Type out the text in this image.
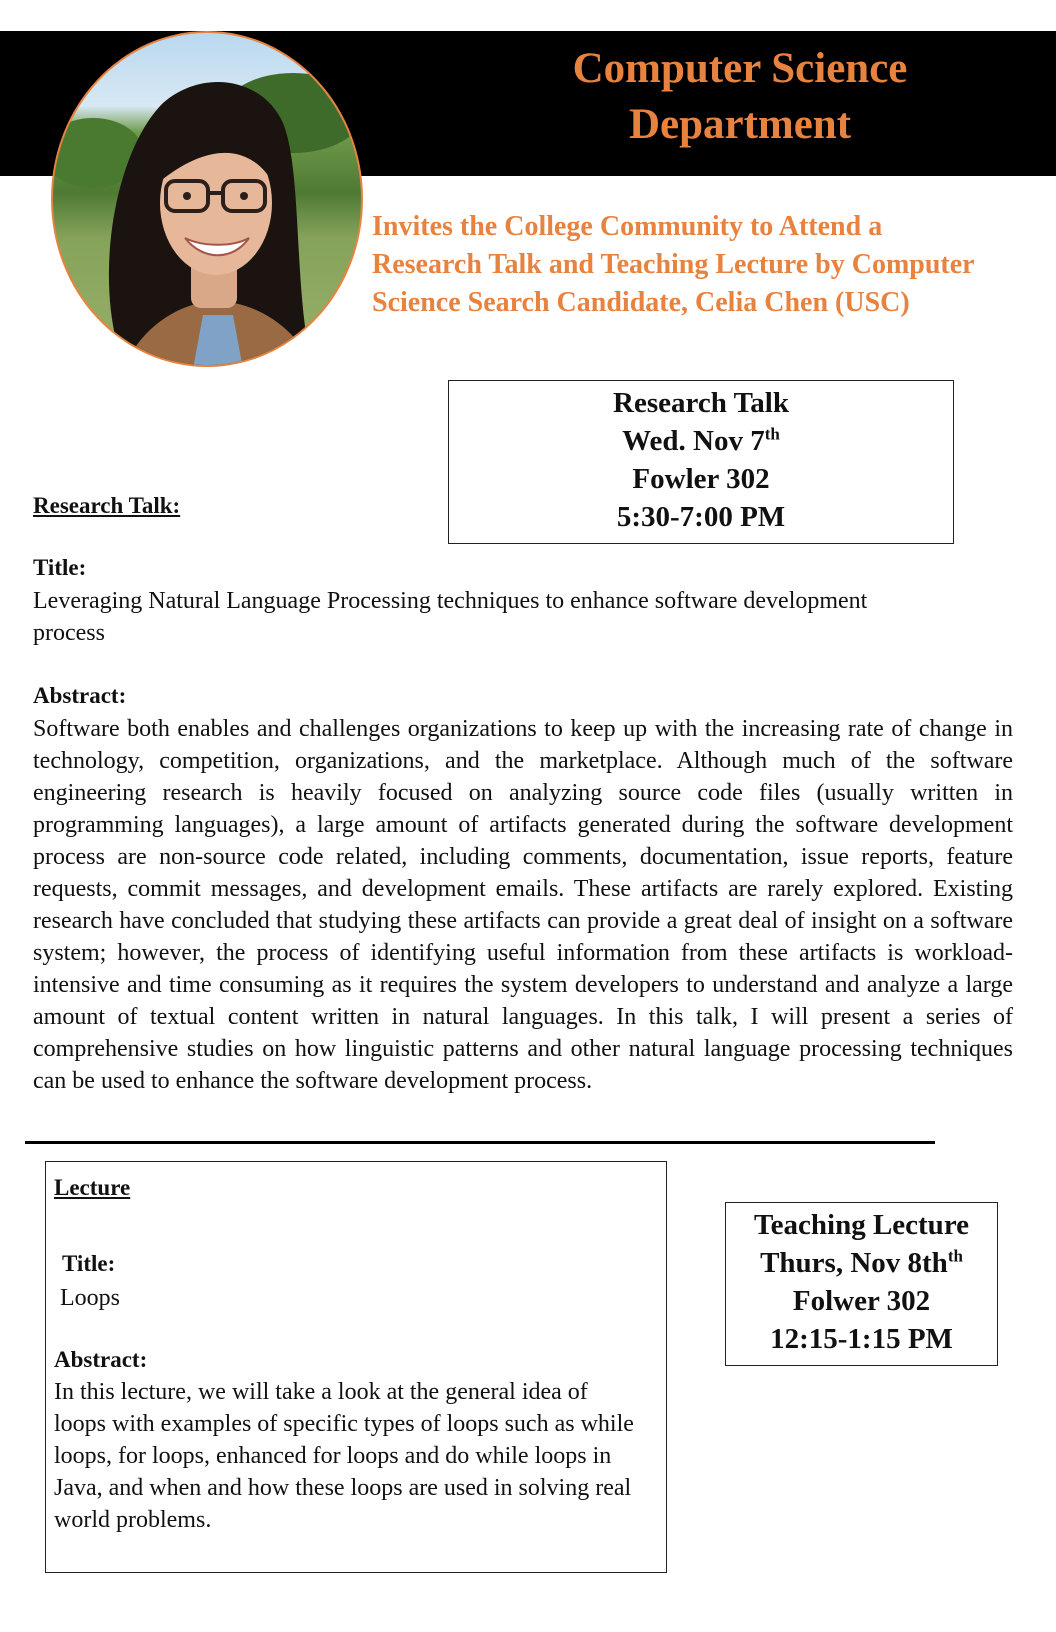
Computer Science
Department
Invites the College Community to Attend a
Research Talk and Teaching Lecture by Computer
Science Search Candidate, Celia Chen (USC)
Research Talk
Wed. Nov 7th
Fowler 302
5:30-7:00 PM
Research Talk:
Title:
Leveraging Natural Language Processing techniques to enhance software development process
Abstract:
Software both enables and challenges organizations to keep up with the increasing rate of change in technology, competition, organizations, and the marketplace. Although much of the software engineering research is heavily focused on analyzing source code files (usually written in programming languages), a large amount of artifacts generated during the software development process are non-source code related, including comments, documentation, issue reports, feature requests, commit messages, and development emails. These artifacts are rarely explored. Existing research have concluded that studying these artifacts can provide a great deal of insight on a software system; however, the process of identifying useful information from these artifacts is workload-intensive and time consuming as it requires the system developers to understand and analyze a large amount of textual content written in natural languages. In this talk, I will present a series of comprehensive studies on how linguistic patterns and other natural language processing techniques can be used to enhance the software development process.
Lecture
Title:
Loops
Abstract:
In this lecture, we will take a look at the general idea of loops with examples of specific types of loops such as while loops, for loops, enhanced for loops and do while loops in Java, and when and how these loops are used in solving real world problems.
Teaching Lecture
Thurs, Nov $8th^{th}$
Folwer 302
12:15-1:15 PM
